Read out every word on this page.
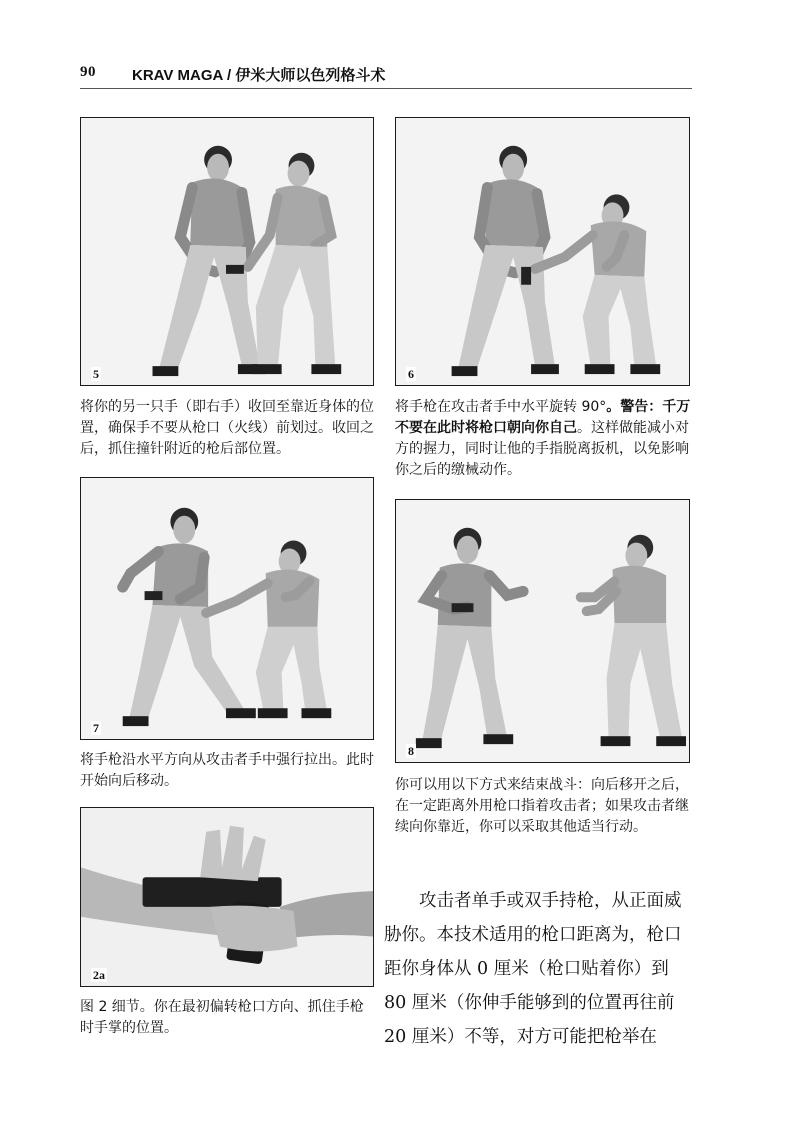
90 KRAV MAGA / 伊米大师以色列格斗术
5	6

将你的另一只手（即右手）收回至靠近身体的位置，确保手不要从枪口（火线）前划过。收回之后，抓住撞针附近的枪后部位置。

将手枪在攻击者手中水平旋转 90°。警告：千万不要在此时将枪口朝向你自己。这样做能减小对方的握力，同时让他的手指脱离扳机，以免影响你之后的缴械动作。

7
8

将手枪沿水平方向从攻击者手中强行拉出。此时开始向后移动。	你可以用以下方式来结束战斗：向后移开之后，在一定距离外用枪口指着攻击者；如果攻击者继续向你靠近，你可以采取其他适当行动。

2a

图 2 细节。你在最初偏转枪口方向、抓住手枪时手掌的位置。

攻击者单手或双手持枪，从正面威胁你。本技术适用的枪口距离为，枪口距你身体从 0 厘米（枪口贴着你）到 80 厘米（你伸手能够到的位置再往前 20 厘米）不等，对方可能把枪举在
